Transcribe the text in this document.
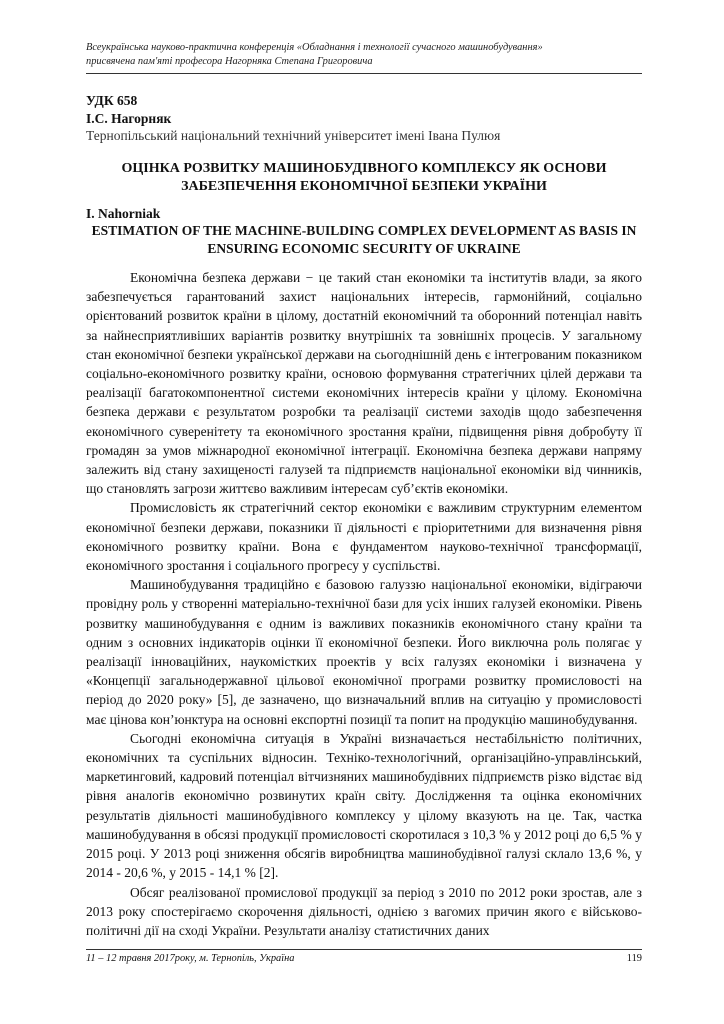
Всеукраїнська науково-практична конференція «Обладнання і технології сучасного машинобудування»
присвячена пам'яті професора Нагорняка Степана Григоровича
УДК 658
І.С. Нагорняк
Тернопільський національний технічний університет імені Івана Пулюя
ОЦІНКА РОЗВИТКУ МАШИНОБУДІВНОГО КОМПЛЕКСУ ЯК ОСНОВИ ЗАБЕЗПЕЧЕННЯ ЕКОНОМІЧНОЇ БЕЗПЕКИ УКРАЇНИ
I. Nahorniak
ESTIMATION OF THE MACHINE-BUILDING COMPLEX DEVELOPMENT AS BASIS IN ENSURING ECONOMIC SECURITY OF UKRAINE

Економічна безпека держави − це такий стан економіки та інститутів влади, за якого забезпечується гарантований захист національних інтересів, гармонійний, соціально орієнтований розвиток країни в цілому, достатній економічний та оборонний потенціал навіть за найнесприятливіших варіантів розвитку внутрішніх та зовнішніх процесів. У загальному стан економічної безпеки української держави на сьогоднішній день є інтегрованим показником соціально-економічного розвитку країни, основою формування стратегічних цілей держави та реалізації багатокомпонентної системи економічних інтересів країни у цілому. Економічна безпека держави є результатом розробки та реалізації системи заходів щодо забезпечення економічного суверенітету та економічного зростання країни, підвищення рівня добробуту її громадян за умов міжнародної економічної інтеграції. Економічна безпека держави напряму залежить від стану захищеності галузей та підприємств національної економіки від чинників, що становлять загрози життєво важливим інтересам суб’єктів економіки.

Промисловість як стратегічний сектор економіки є важливим структурним елементом економічної безпеки держави, показники її діяльності є пріоритетними для визначення рівня економічного розвитку країни. Вона є фундаментом науково-технічної трансформації, економічного зростання і соціального прогресу у суспільстві.

Машинобудування традиційно є базовою галуззю національної економіки, відіграючи провідну роль у створенні матеріально-технічної бази для усіх інших галузей економіки. Рівень розвитку машинобудування є одним із важливих показників економічного стану країни та одним з основних індикаторів оцінки її економічної безпеки. Його виключна роль полягає у реалізації інноваційних, наукомістких проектів у всіх галузях економіки і визначена у «Концепції загальнодержавної цільової економічної програми розвитку промисловості на період до 2020 року» [5], де зазначено, що визначальний вплив на ситуацію у промисловості має цінова кон’юнктура на основні експортні позиції та попит на продукцію машинобудування.

Сьогодні економічна ситуація в Україні визначається нестабільністю політичних, економічних та суспільних відносин. Техніко-технологічний, організаційно-управлінський, маркетинговий, кадровий потенціал вітчизняних машинобудівних підприємств різко відстає від рівня аналогів економічно розвинутих країн світу. Дослідження та оцінка економічних результатів діяльності машинобудівного комплексу у цілому вказують на це. Так, частка машинобудування в обсязі продукції промисловості скоротилася з 10,3 % у 2012 році до 6,5 % у 2015 році. У 2013 році зниження обсягів виробництва машинобудівної галузі склало 13,6 %, у 2014 - 20,6 %, у 2015 - 14,1 % [2].

Обсяг реалізованої промислової продукції за період з 2010 по 2012 роки зростав, але з 2013 року спостерігаємо скорочення діяльності, однією з вагомих причин якого є військово-політичні дії на сході України. Результати аналізу статистичних даних

11 – 12 травня 2017року, м. Тернопіль, Україна	119
